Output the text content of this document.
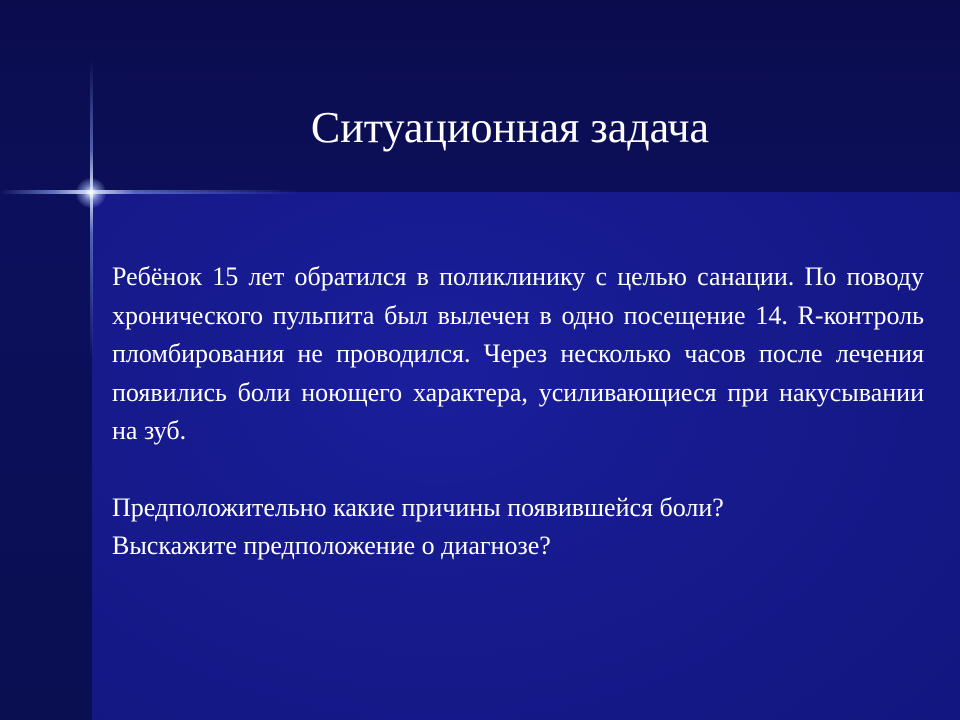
Ситуационная задача

Ребёнок 15 лет обратился в поликлинику с целью санации. По поводу хронического пульпита был вылечен в одно посещение 14. R-контроль пломбирования не проводился. Через несколько часов после лечения появились боли ноющего характера, усиливающиеся при накусывании на зуб.

Предположительно какие причины появившейся боли?

Выскажите предположение о диагнозе?
